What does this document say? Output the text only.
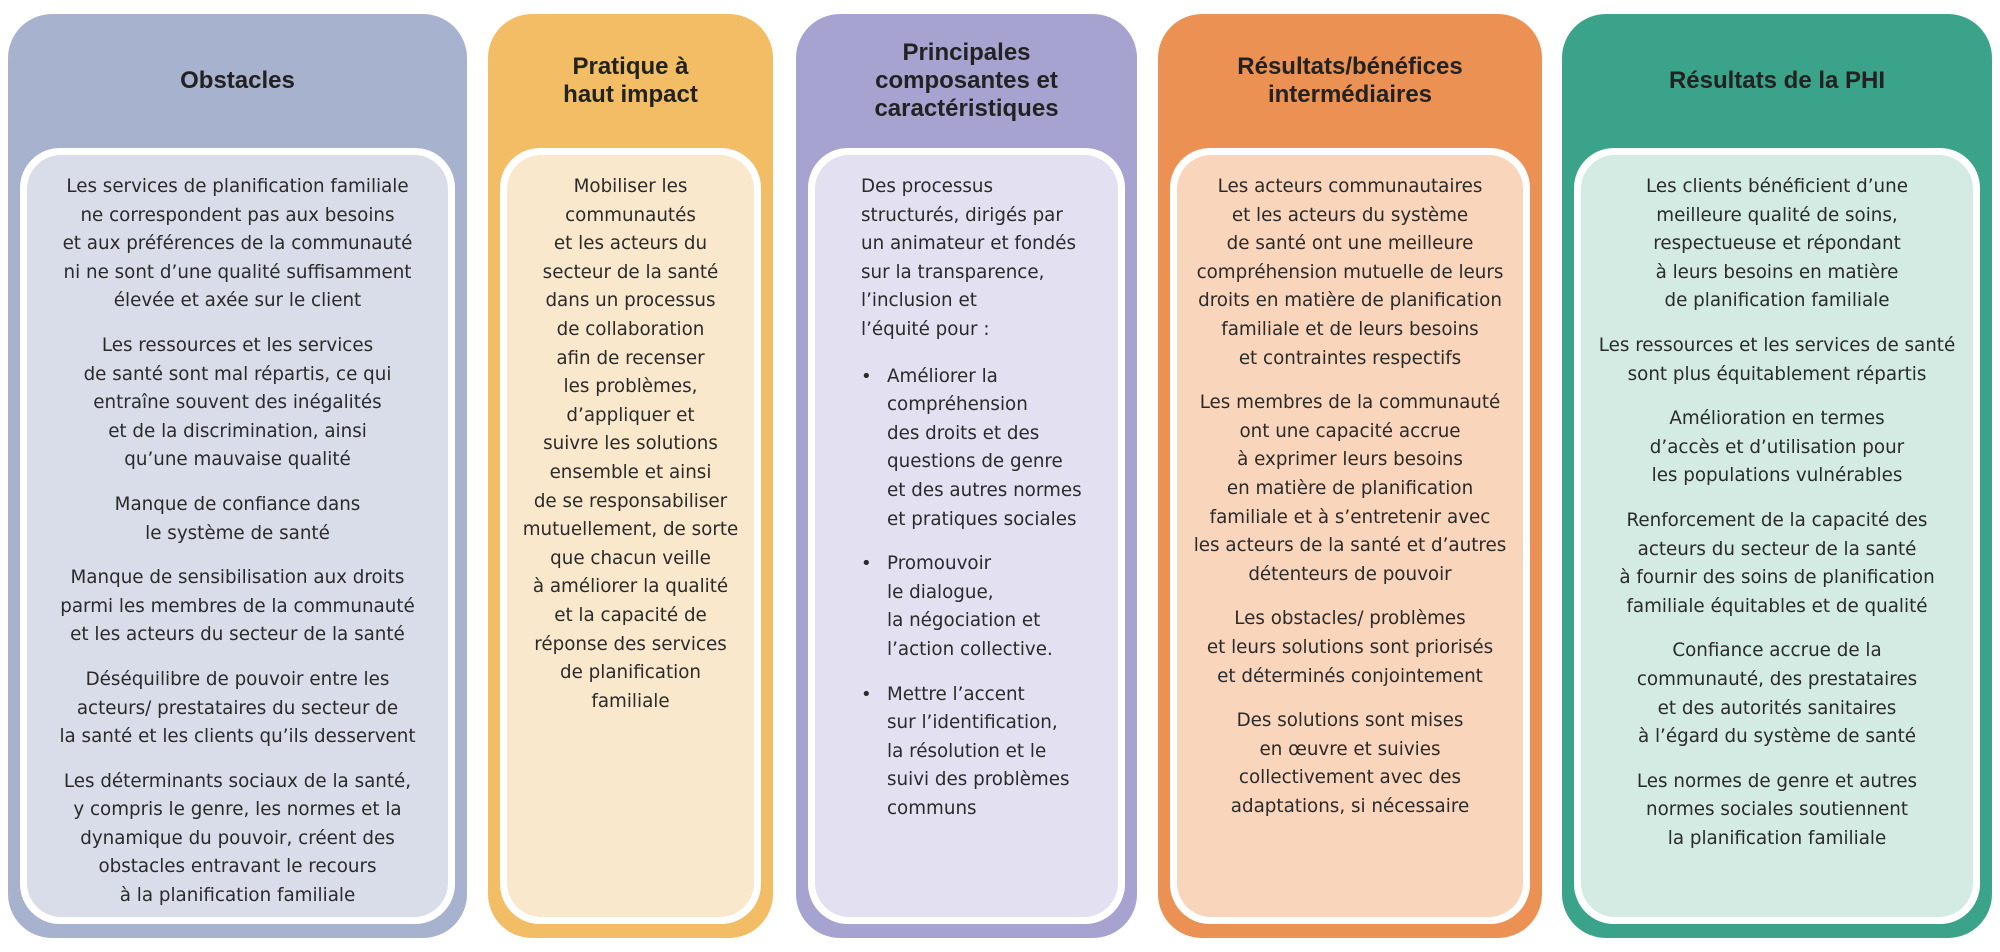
Obstacles

Les services de planification familiale
ne correspondent pas aux besoins
et aux préférences de la communauté
ni ne sont d’une qualité suffisamment
élevée et axée sur le client

Les ressources et les services
de santé sont mal répartis, ce qui
entraîne souvent des inégalités
et de la discrimination, ainsi
qu’une mauvaise qualité

Manque de confiance dans
le système de santé

Manque de sensibilisation aux droits
parmi les membres de la communauté
et les acteurs du secteur de la santé

Déséquilibre de pouvoir entre les
acteurs/ prestataires du secteur de
la santé et les clients qu’ils desservent

Les déterminants sociaux de la santé,
y compris le genre, les normes et la
dynamique du pouvoir, créent des
obstacles entravant le recours
à la planification familiale

Pratique à
haut impact

Mobiliser les
communautés
et les acteurs du
secteur de la santé
dans un processus
de collaboration
afin de recenser
les problèmes,
d’appliquer et
suivre les solutions
ensemble et ainsi
de se responsabiliser
mutuellement, de sorte
que chacun veille
à améliorer la qualité
et la capacité de
réponse des services
de planification
familiale

Principales
composantes et
caractéristiques

Des processus
structurés, dirigés par
un animateur et fondés
sur la transparence,
l’inclusion et
l’équité pour :

• Améliorer la
compréhension
des droits et des
questions de genre
et des autres normes
et pratiques sociales
• Promouvoir
le dialogue,
la négociation et
l’action collective.
• Mettre l’accent
sur l’identification,
la résolution et le
suivi des problèmes
communs
Résultats/bénéfices
intermédiaires

Les acteurs communautaires
et les acteurs du système
de santé ont une meilleure
compréhension mutuelle de leurs
droits en matière de planification
familiale et de leurs besoins
et contraintes respectifs

Les membres de la communauté
ont une capacité accrue
à exprimer leurs besoins
en matière de planification
familiale et à s’entretenir avec
les acteurs de la santé et d’autres
détenteurs de pouvoir

Les obstacles/ problèmes
et leurs solutions sont priorisés
et déterminés conjointement

Des solutions sont mises
en œuvre et suivies
collectivement avec des
adaptations, si nécessaire

Résultats de la PHI

Les clients bénéficient d’une
meilleure qualité de soins,
respectueuse et répondant
à leurs besoins en matière
de planification familiale

Les ressources et les services de santé
sont plus équitablement répartis

Amélioration en termes
d’accès et d’utilisation pour
les populations vulnérables

Renforcement de la capacité des
acteurs du secteur de la santé
à fournir des soins de planification
familiale équitables et de qualité

Confiance accrue de la
communauté, des prestataires
et des autorités sanitaires
à l’égard du système de santé

Les normes de genre et autres
normes sociales soutiennent
la planification familiale
